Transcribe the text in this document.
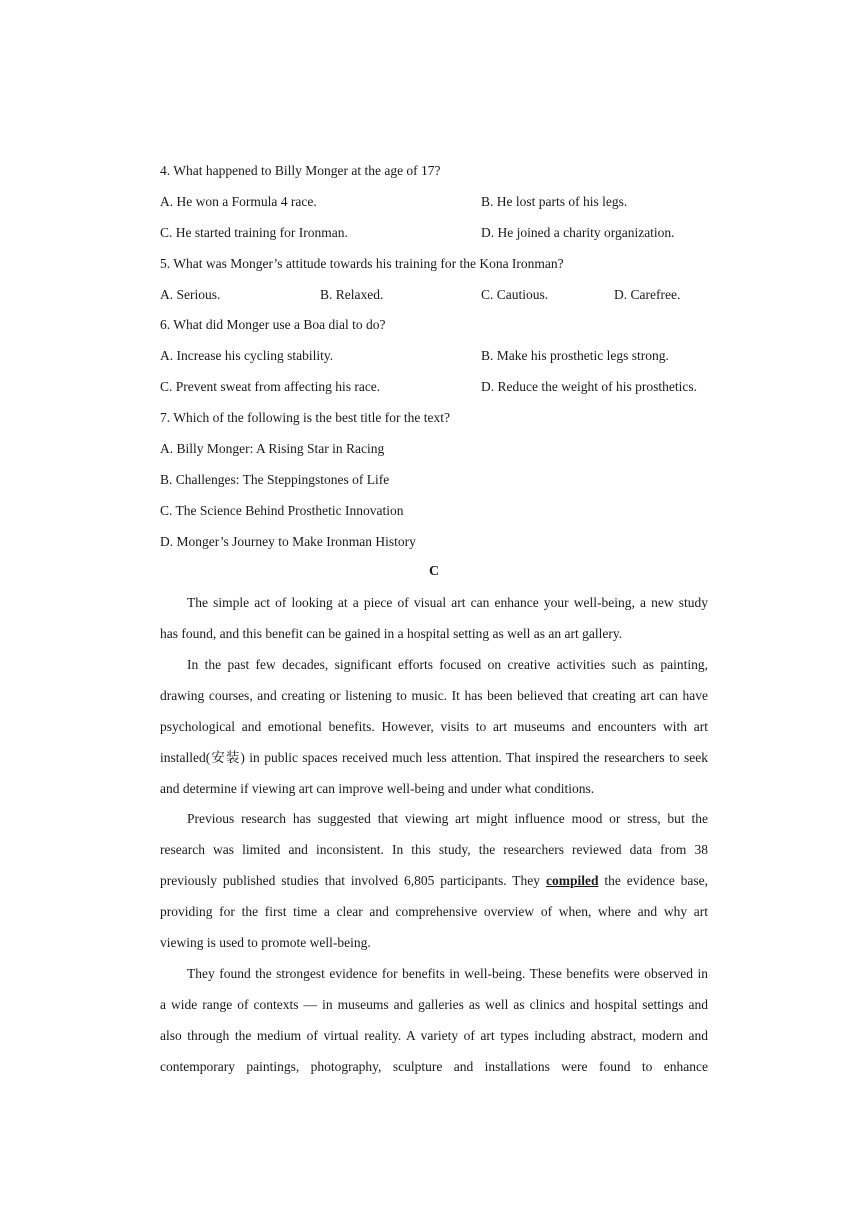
4. What happened to Billy Monger at the age of 17?
A. He won a Formula 4 race.	B. He lost parts of his legs.
C. He started training for Ironman.	D. He joined a charity organization.
5. What was Monger’s attitude towards his training for the Kona Ironman?
A. Serious.	B. Relaxed.	C. Cautious.	D. Carefree.
6. What did Monger use a Boa dial to do?
A. Increase his cycling stability.	B. Make his prosthetic legs strong.
C. Prevent sweat from affecting his race.	D. Reduce the weight of his prosthetics.
7. Which of the following is the best title for the text?
A. Billy Monger: A Rising Star in Racing
B. Challenges: The Steppingstones of Life
C. The Science Behind Prosthetic Innovation
D. Monger’s Journey to Make Ironman History
C
The simple act of looking at a piece of visual art can enhance your well-being, a new study
has found, and this benefit can be gained in a hospital setting as well as an art gallery.
In the past few decades, significant efforts focused on creative activities such as painting,
drawing courses, and creating or listening to music. It has been believed that creating art can have
psychological and emotional benefits. However, visits to art museums and encounters with art
installed(安装) in public spaces received much less attention. That inspired the researchers to seek
and determine if viewing art can improve well-being and under what conditions.
Previous research has suggested that viewing art might influence mood or stress, but the
research was limited and inconsistent. In this study, the researchers reviewed data from 38
previously published studies that involved 6,805 participants. They compiled the evidence base,
providing for the first time a clear and comprehensive overview of when, where and why art
viewing is used to promote well-being.
They found the strongest evidence for benefits in well-being. These benefits were observed in
a wide range of contexts — in museums and galleries as well as clinics and hospital settings and
also through the medium of virtual reality. A variety of art types including abstract, modern and
contemporary paintings, photography, sculpture and installations were found to enhance
